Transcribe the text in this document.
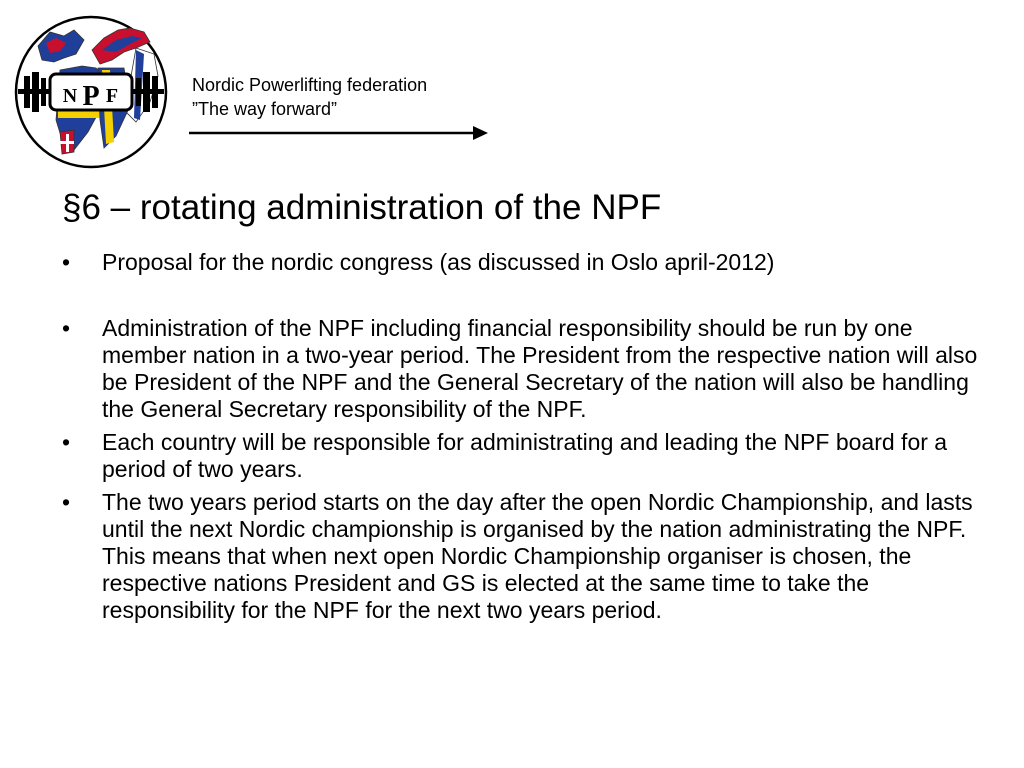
N P F	Nordic Powerlifting federation
”The way forward”
§6 – rotating administration of the NPF
• Proposal for the nordic congress (as discussed in Oslo april-2012)
• Administration of the NPF including financial responsibility should be run by one member nation in a two-year period. The President from the respective nation will also be President of the NPF and the General Secretary of the nation will also be handling the General Secretary responsibility of the NPF.
• Each country will be responsible for administrating and leading the NPF board for a period of two years.
• The two years period starts on the day after the open Nordic Championship, and lasts until the next Nordic championship is organised by the nation administrating the NPF. This means that when next open Nordic Championship organiser is chosen, the respective nations President and GS is elected at the same time to take the responsibility for the NPF for the next two years period.
